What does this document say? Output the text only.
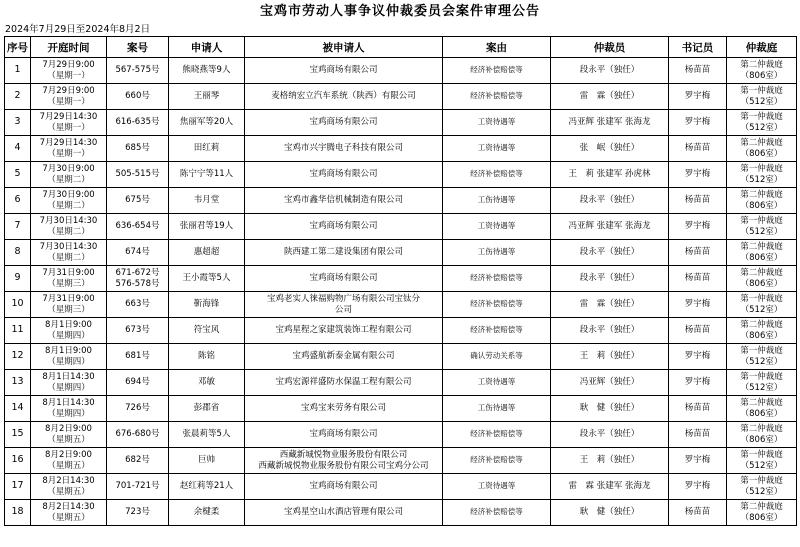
宝鸡市劳动人事争议仲裁委员会案件审理公告
2024年7月29日至2024年8月2日
序号	开庭时间	案号	申请人	被申请人	案由	仲裁员	书记员	仲裁庭

1	7月29日9:00
（星期一）	567-575号	熊晓燕等9人	宝鸡商场有限公司	经济补偿赔偿等	段永平（独任）	杨苗苗	第二仲裁庭
（806室）

2	7月29日9:00
（星期一）	660号	王丽琴	麦格纳宏立汽车系统（陕西）有限公司	经济补偿赔偿等	雷　霖（独任）	罗宇梅	第一仲裁庭
（512室）

3	7月29日14:30
（星期一）	616-635号	焦丽军等20人	宝鸡商场有限公司	工资待遇等	冯亚辉 张建军 张海龙	罗宇梅	第一仲裁庭
（512室）

4	7月29日14:30
（星期一）	685号	田红莉	宝鸡市兴宇腾电子科技有限公司	工资待遇等	张　岷（独任）	杨苗苗	第二仲裁庭
（806室）

5	7月30日9:00
（星期二）	505-515号	陈宁宁等11人	宝鸡商场有限公司	经济补偿赔偿等	王　莉 张建军 孙虎林	罗宇梅	第一仲裁庭
（512室）

6	7月30日9:00
（星期二）	675号	韦月堂	宝鸡市鑫华信机械制造有限公司	工伤待遇等	段永平（独任）	杨苗苗	第二仲裁庭
（806室）

7	7月30日14:30
（星期二）	636-654号	张丽君等19人	宝鸡商场有限公司	工资待遇等	冯亚辉 张建军 张海龙	罗宇梅	第一仲裁庭
（512室）

8	7月30日14:30
（星期二）	674号	惠超超	陕西建工第二建设集团有限公司	工伤待遇等	段永平（独任）	杨苗苗	第二仲裁庭
（806室）

9	7月31日9:00
（星期三）	671-672号
576-578号	王小霞等5人	宝鸡商场有限公司	经济补偿赔偿等	段永平（独任）	杨苗苗	第二仲裁庭
（806室）

10	7月31日9:00
（星期三）	663号	靳海锋	宝鸡老实人徕福购物广场有限公司宝钛分
公司	经济补偿赔偿等	雷　霖（独任）	罗宇梅	第一仲裁庭
（512室）

11	8月1日9:00
（星期四）	673号	符宝风	宝鸡星程之家建筑装饰工程有限公司	经济补偿赔偿等	段永平（独任）	杨苗苗	第二仲裁庭
（806室）

12	8月1日9:00
（星期四）	681号	陈铭	宝鸡盛航新泰金属有限公司	确认劳动关系等	王　莉（独任）	罗宇梅	第一仲裁庭
（512室）

13	8月1日14:30
（星期四）	694号	邓敏	宝鸡宏源祥盛防水保温工程有限公司	工资待遇等	冯亚辉（独任）	罗宇梅	第一仲裁庭
（512室）

14	8月1日14:30
（星期四）	726号	彭郡省	宝鸡宝来劳务有限公司	工伤待遇等	耿　健（独任）	杨苗苗	第二仲裁庭
（806室）

15	8月2日9:00
（星期五）	676-680号	张晨莉等5人	宝鸡商场有限公司	经济补偿赔偿等	段永平（独任）	杨苗苗	第二仲裁庭
（806室）

16	8月2日9:00
（星期五）	682号	巨帅	西藏新城悦物业服务股份有限公司
西藏新城悦物业服务股份有限公司宝鸡分公司	经济补偿赔偿等	王　莉（独任）	罗宇梅	第一仲裁庭
（512室）

17	8月2日14:30
（星期五）	701-721号	赵红莉等21人	宝鸡商场有限公司	工资待遇等	雷　霖 张建军 张海龙	罗宇梅	第一仲裁庭
（512室）

18	8月2日14:30
（星期五）	723号	余楗柔	宝鸡星空山水酒店管理有限公司	经济补偿赔偿等	耿　健（独任）	杨苗苗	第二仲裁庭
（806室）
